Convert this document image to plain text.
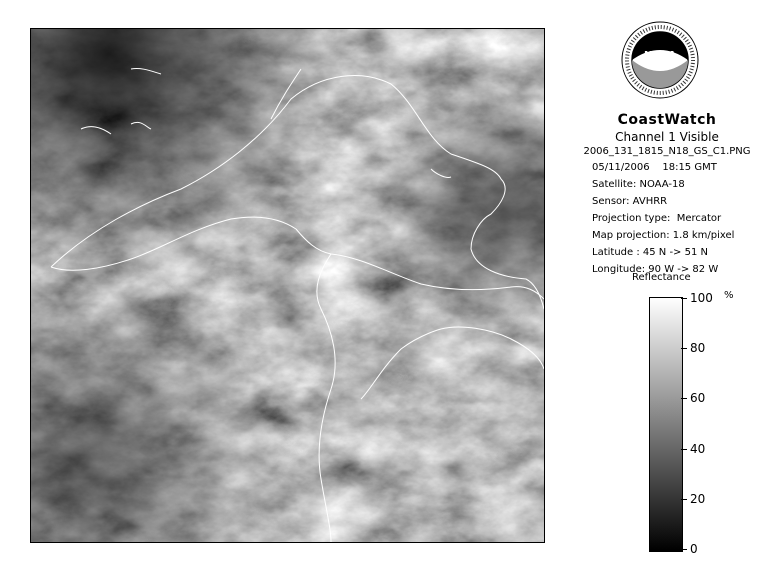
NOAA
CoastWatch
Channel 1 Visible
2006_131_1815_N18_GS_C1.PNG
05/11/2006    18:15 GMT
Satellite: NOAA-18
Sensor: AVHRR
Projection type:  Mercator
Map projection: 1.8 km/pixel
Latitude : 45 N -> 51 N
Longitude: 90 W -> 82 W
Reflectance
%
100
80
60
40
20
0
